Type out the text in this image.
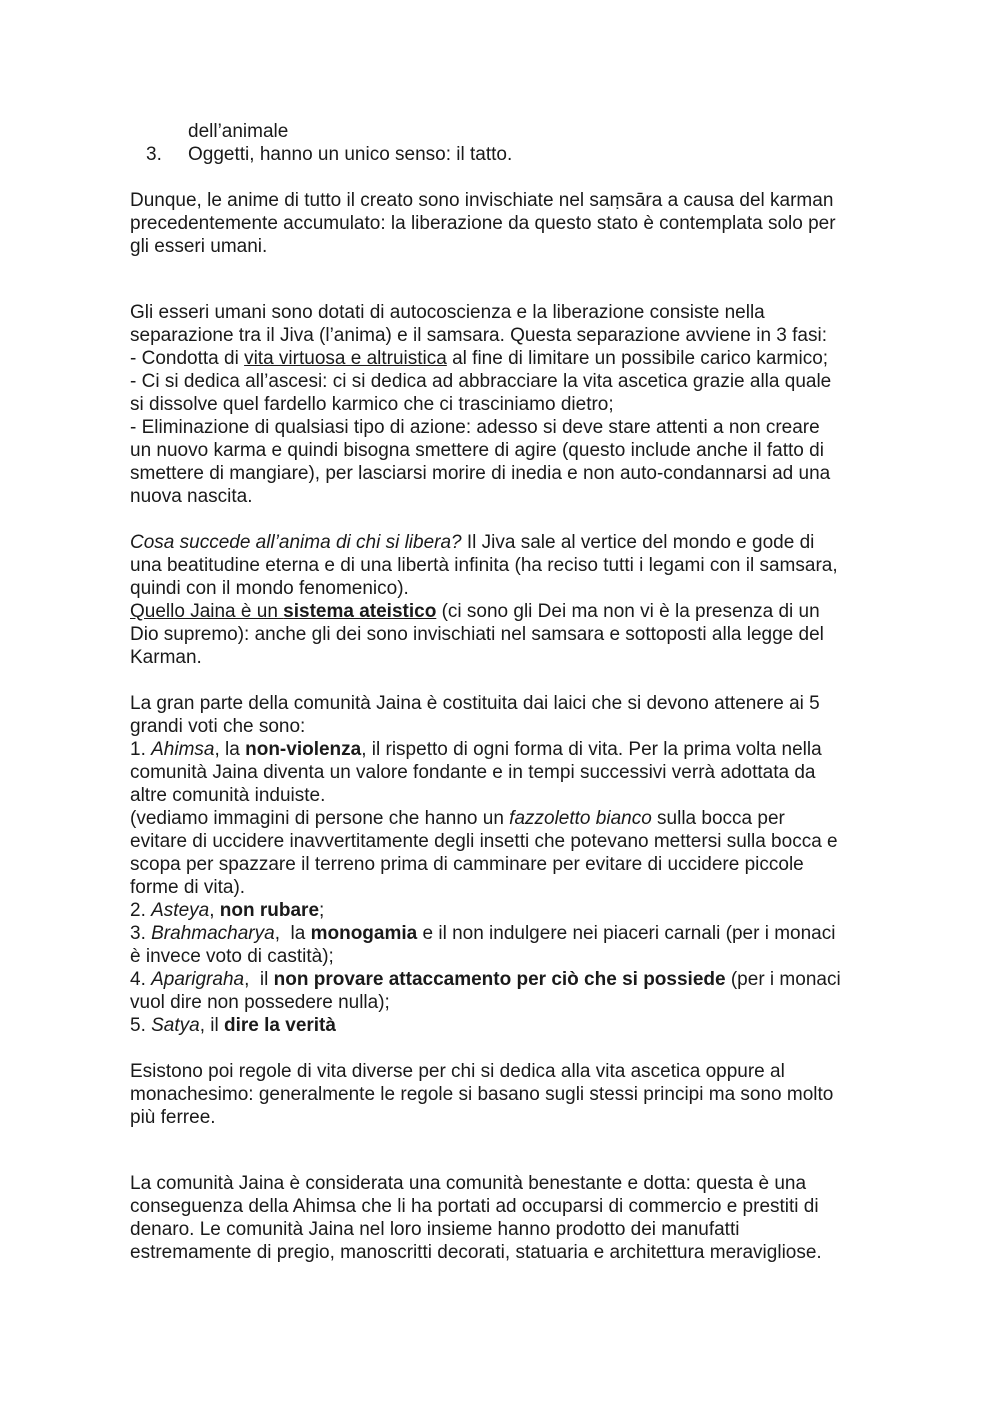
dell’animale
3. Oggetti, hanno un unico senso: il tatto.
Dunque, le anime di tutto il creato sono invischiate nel saṃsāra a causa del karman
precedentemente accumulato: la liberazione da questo stato è contemplata solo per
gli esseri umani.
Gli esseri umani sono dotati di autocoscienza e la liberazione consiste nella
separazione tra il Jiva (l’anima) e il samsara. Questa separazione avviene in 3 fasi:
- Condotta di vita virtuosa e altruistica al fine di limitare un possibile carico karmico;
- Ci si dedica all’ascesi: ci si dedica ad abbracciare la vita ascetica grazie alla quale
si dissolve quel fardello karmico che ci trasciniamo dietro;
- Eliminazione di qualsiasi tipo di azione: adesso si deve stare attenti a non creare
un nuovo karma e quindi bisogna smettere di agire (questo include anche il fatto di
smettere di mangiare), per lasciarsi morire di inedia e non auto-condannarsi ad una
nuova nascita.
Cosa succede all’anima di chi si libera? Il Jiva sale al vertice del mondo e gode di
una beatitudine eterna e di una libertà infinita (ha reciso tutti i legami con il samsara,
quindi con il mondo fenomenico).
Quello Jaina è un sistema ateistico (ci sono gli Dei ma non vi è la presenza di un
Dio supremo): anche gli dei sono invischiati nel samsara e sottoposti alla legge del
Karman.
La gran parte della comunità Jaina è costituita dai laici che si devono attenere ai 5
grandi voti che sono:
1. Ahimsa, la non-violenza, il rispetto di ogni forma di vita. Per la prima volta nella
comunità Jaina diventa un valore fondante e in tempi successivi verrà adottata da
altre comunità induiste.
(vediamo immagini di persone che hanno un fazzoletto bianco sulla bocca per
evitare di uccidere inavvertitamente degli insetti che potevano mettersi sulla bocca e
scopa per spazzare il terreno prima di camminare per evitare di uccidere piccole
forme di vita).
2. Asteya, non rubare;
3. Brahmacharya,  la monogamia e il non indulgere nei piaceri carnali (per i monaci
è invece voto di castità);
4. Aparigraha,  il non provare attaccamento per ciò che si possiede (per i monaci
vuol dire non possedere nulla);
5. Satya, il dire la verità
Esistono poi regole di vita diverse per chi si dedica alla vita ascetica oppure al
monachesimo: generalmente le regole si basano sugli stessi principi ma sono molto
più ferree.
La comunità Jaina è considerata una comunità benestante e dotta: questa è una
conseguenza della Ahimsa che li ha portati ad occuparsi di commercio e prestiti di
denaro. Le comunità Jaina nel loro insieme hanno prodotto dei manufatti
estremamente di pregio, manoscritti decorati, statuaria e architettura meravigliose.
